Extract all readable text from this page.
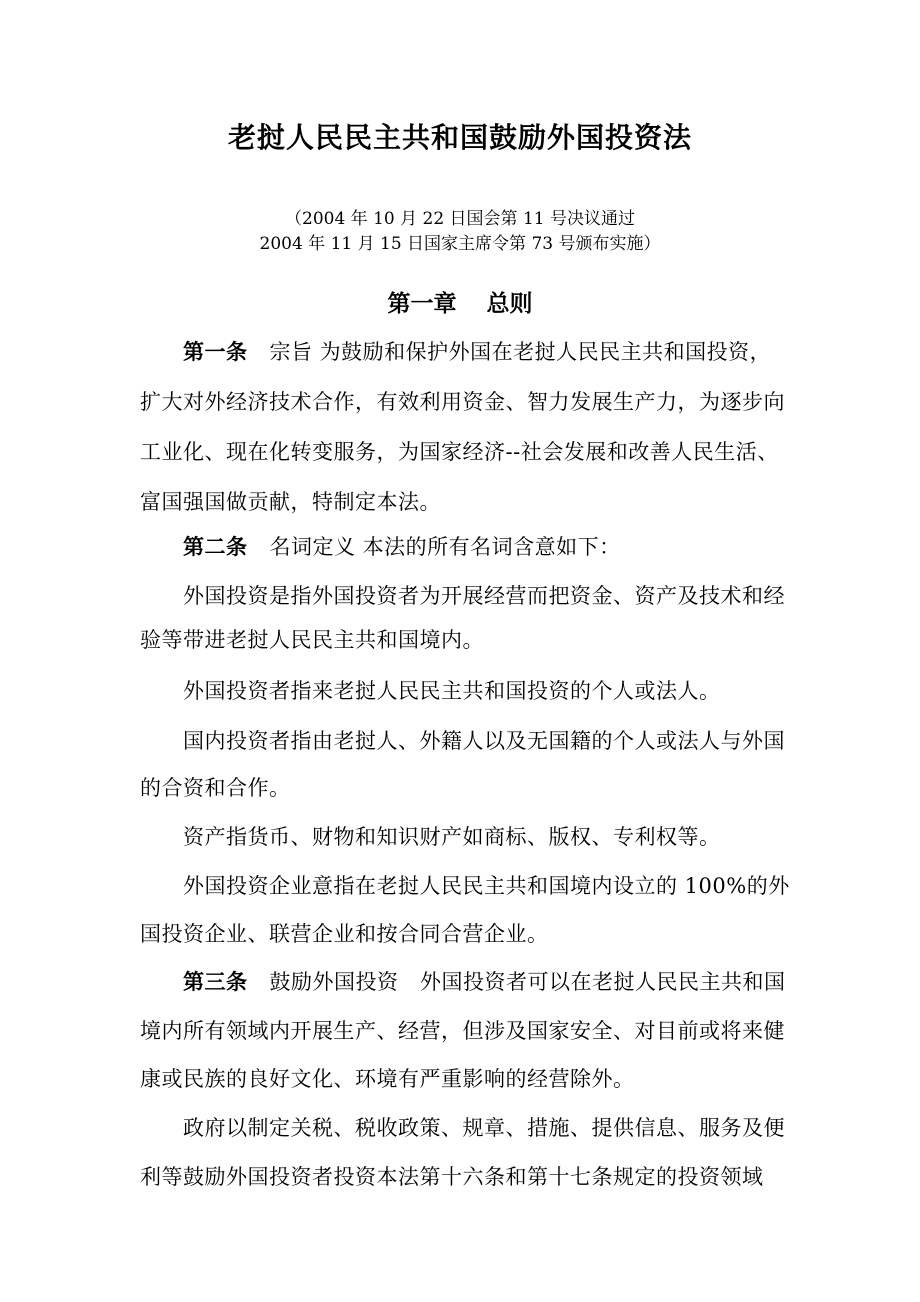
老挝人民民主共和国鼓励外国投资法
（2004 年 10 月 22 日国会第 11 号决议通过
2004 年 11 月 15 日国家主席令第 73 号颁布实施）
第一章 总则
第一条 宗旨 为鼓励和保护外国在老挝人民民主共和国投资，
扩大对外经济技术合作，有效利用资金、智力发展生产力，为逐步向
工业化、现在化转变服务，为国家经济--社会发展和改善人民生活、
富国强国做贡献，特制定本法。
第二条 名词定义 本法的所有名词含意如下：
外国投资是指外国投资者为开展经营而把资金、资产及技术和经
验等带进老挝人民民主共和国境内。
外国投资者指来老挝人民民主共和国投资的个人或法人。
国内投资者指由老挝人、外籍人以及无国籍的个人或法人与外国
的合资和合作。
资产指货币、财物和知识财产如商标、版权、专利权等。
外国投资企业意指在老挝人民民主共和国境内设立的 100%的外
国投资企业、联营企业和按合同合营企业。
第三条 鼓励外国投资　外国投资者可以在老挝人民民主共和国
境内所有领域内开展生产、经营，但涉及国家安全、对目前或将来健
康或民族的良好文化、环境有严重影响的经营除外。
政府以制定关税、税收政策、规章、措施、提供信息、服务及便
利等鼓励外国投资者投资本法第十六条和第十七条规定的投资领域
